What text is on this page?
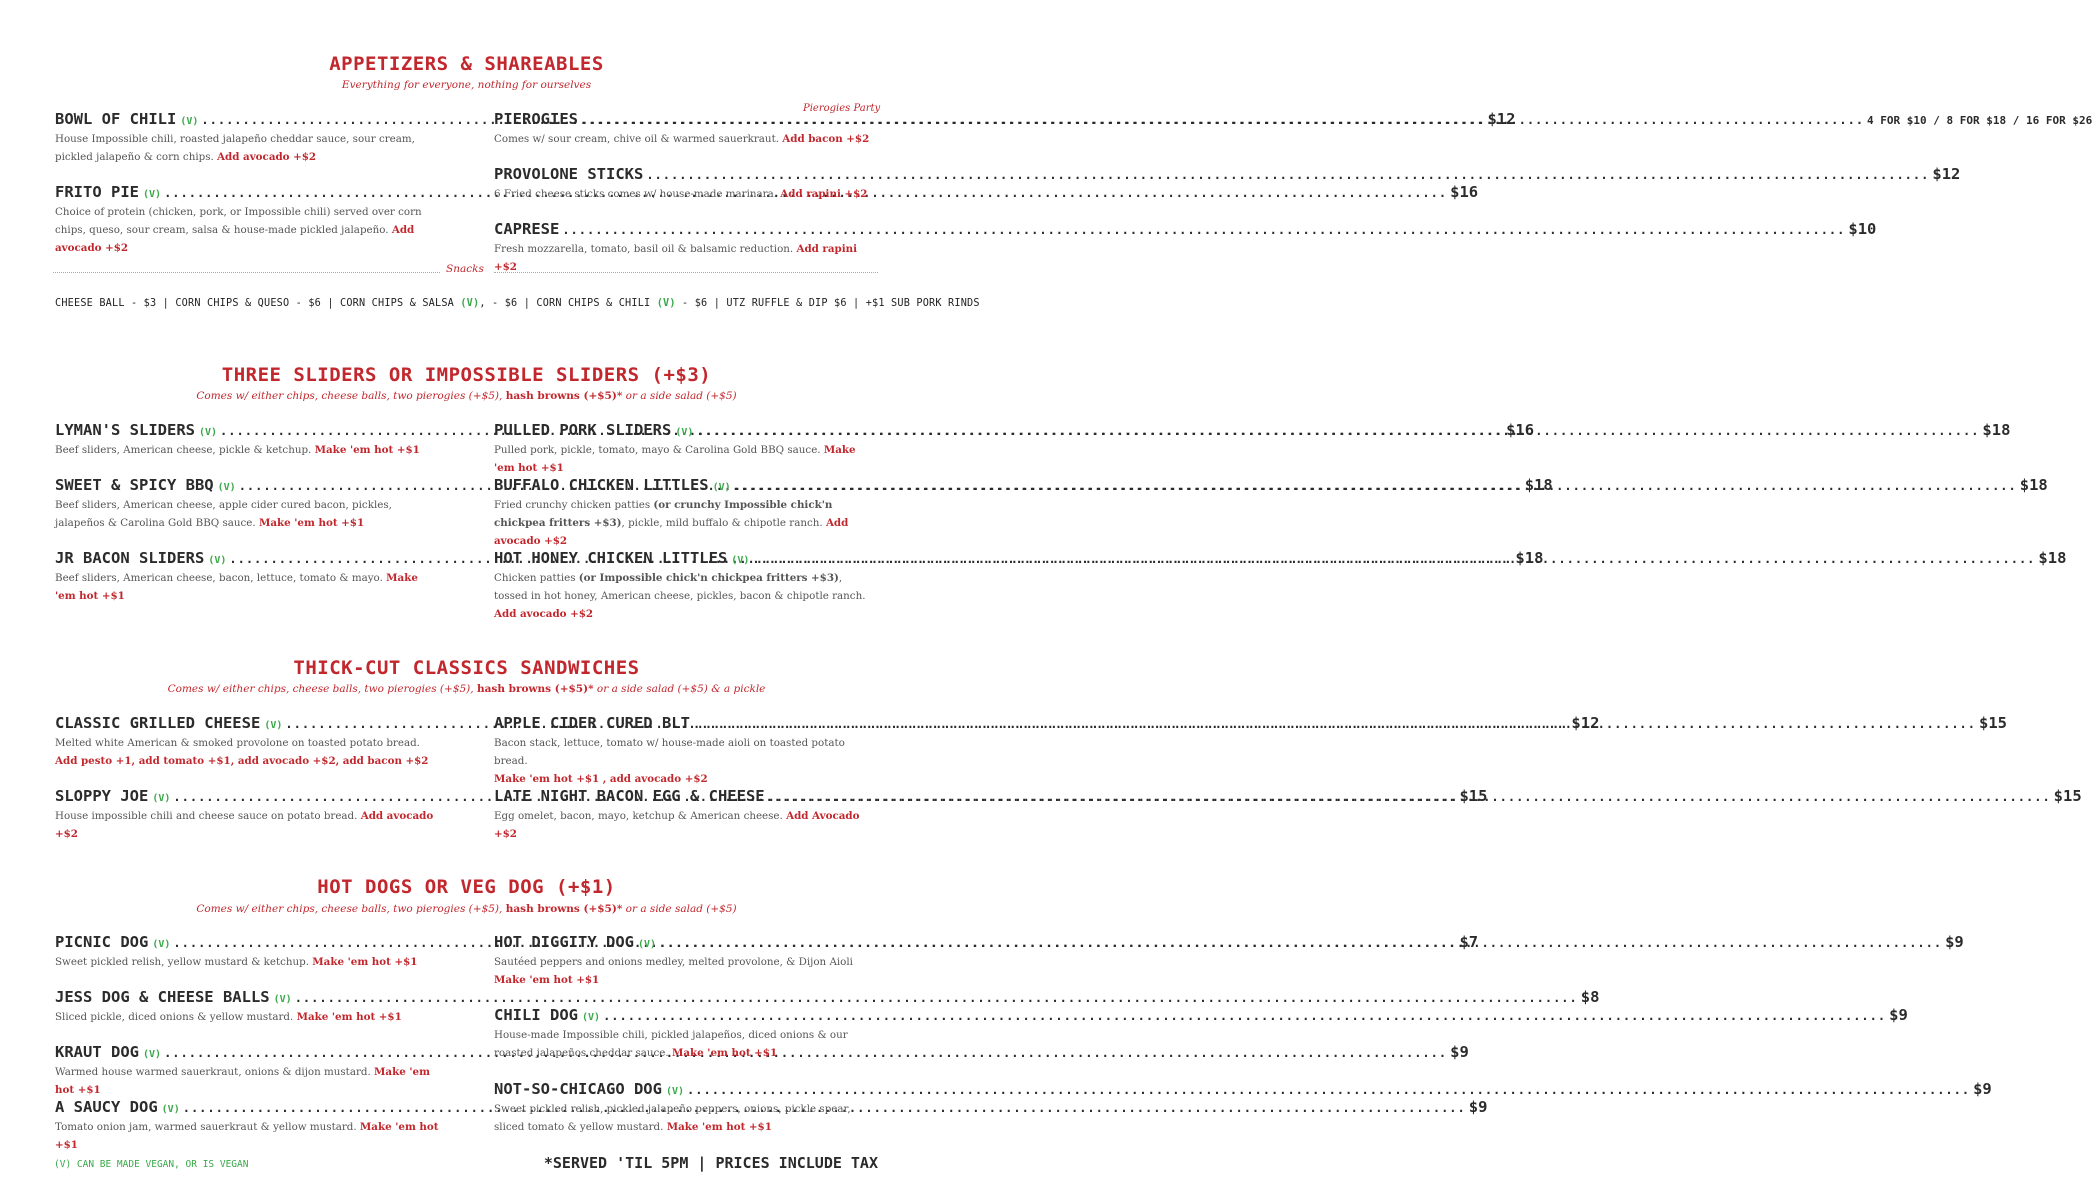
APPETIZERS & SHAREABLES
Everything for everyone, nothing for ourselves
BOWL OF CHILI (V) .....	$12
House Impossible chili, roasted jalapeño cheddar sauce, sour cream, pickled jalapeño & corn chips. Add avocado +$2
FRITO PIE (V) .....	$16
Choice of protein (chicken, pork, or Impossible chili) served over corn chips, queso, sour cream, salsa & house-made pickled jalapeño. Add avocado +$2
Pierogies Party
PIEROGIES .....	4 FOR $10 / 8 FOR $18 / 16 FOR $26
Comes w/ sour cream, chive oil & warmed sauerkraut. Add bacon +$2
PROVOLONE STICKS .....	$12
6 Fried cheese sticks comes w/ house-made marinara. Add rapini +$2
CAPRESE .....	$10
Fresh mozzarella, tomato, basil oil & balsamic reduction. Add rapini +$2
Snacks
CHEESE BALL - $3 | CORN CHIPS & QUESO - $6 | CORN CHIPS & SALSA (V), - $6 | CORN CHIPS & CHILI (V) - $6 | UTZ RUFFLE & DIP $6 | +$1 SUB PORK RINDS
THREE SLIDERS OR IMPOSSIBLE SLIDERS (+$3)
Comes w/ either chips, cheese balls, two pierogies (+$5), hash browns (+$5)* or a side salad (+$5)
LYMAN'S SLIDERS (V) .....	$16
Beef sliders, American cheese, pickle & ketchup. Make 'em hot +$1
SWEET & SPICY BBQ (V) .....	$18
Beef sliders, American cheese, apple cider cured bacon, pickles, jalapeños & Carolina Gold BBQ sauce. Make 'em hot +$1
JR BACON SLIDERS (V) .....	$18
Beef sliders, American cheese, bacon, lettuce, tomato & mayo. Make 'em hot +$1
PULLED PORK SLIDERS (V) .....	$18
Pulled pork, pickle, tomato, mayo & Carolina Gold BBQ sauce. Make 'em hot +$1
BUFFALO CHICKEN LITTLES (V) .....	$18
Fried crunchy chicken patties (or crunchy Impossible chick'n chickpea fritters +$3), pickle, mild buffalo & chipotle ranch. Add avocado +$2
HOT HONEY CHICKEN LITTLES (V) .....	$18
Chicken patties (or Impossible chick'n chickpea fritters +$3), tossed in hot honey, American cheese, pickles, bacon & chipotle ranch. Add avocado +$2
THICK-CUT CLASSICS SANDWICHES
Comes w/ either chips, cheese balls, two pierogies (+$5), hash browns (+$5)* or a side salad (+$5) & a pickle
CLASSIC GRILLED CHEESE (V) .....	$12
Melted white American & smoked provolone on toasted potato bread.
Add pesto +1, add tomato +$1, add avocado +$2, add bacon +$2
SLOPPY JOE (V) .....	$15
House impossible chili and cheese sauce on potato bread. Add avocado +$2
APPLE CIDER CURED BLT .....	$15
Bacon stack, lettuce, tomato w/ house-made aioli on toasted potato bread.
Make 'em hot +$1 , add avocado +$2
LATE NIGHT BACON EGG & CHEESE .....	$15
Egg omelet, bacon, mayo, ketchup & American cheese. Add Avocado +$2
HOT DOGS OR VEG DOG (+$1)
Comes w/ either chips, cheese balls, two pierogies (+$5), hash browns (+$5)* or a side salad (+$5)
PICNIC DOG (V) .....	$7
Sweet pickled relish, yellow mustard & ketchup. Make 'em hot +$1
JESS DOG & CHEESE BALLS (V) .....	$8
Sliced pickle, diced onions & yellow mustard. Make 'em hot +$1
KRAUT DOG (V) .....	$9
Warmed house warmed sauerkraut, onions & dijon mustard. Make 'em hot +$1
A SAUCY DOG (V) .....	$9
Tomato onion jam, warmed sauerkraut & yellow mustard. Make 'em hot +$1
HOT DIGGITY DOG (V) .....	$9
Sautéed peppers and onions medley, melted provolone, & Dijon Aioli
Make 'em hot +$1
CHILI DOG (V) .....	$9
House-made Impossible chili, pickled jalapeños, diced onions & our roasted jalapeños cheddar sauce. Make 'em hot +$1
NOT-SO-CHICAGO DOG (V) .....	$9
Sweet pickled relish, pickled jalapeño peppers, onions, pickle spear, sliced tomato & yellow mustard. Make 'em hot +$1
(V) CAN BE MADE VEGAN, OR IS VEGAN	*SERVED 'TIL 5PM | PRICES INCLUDE TAX
